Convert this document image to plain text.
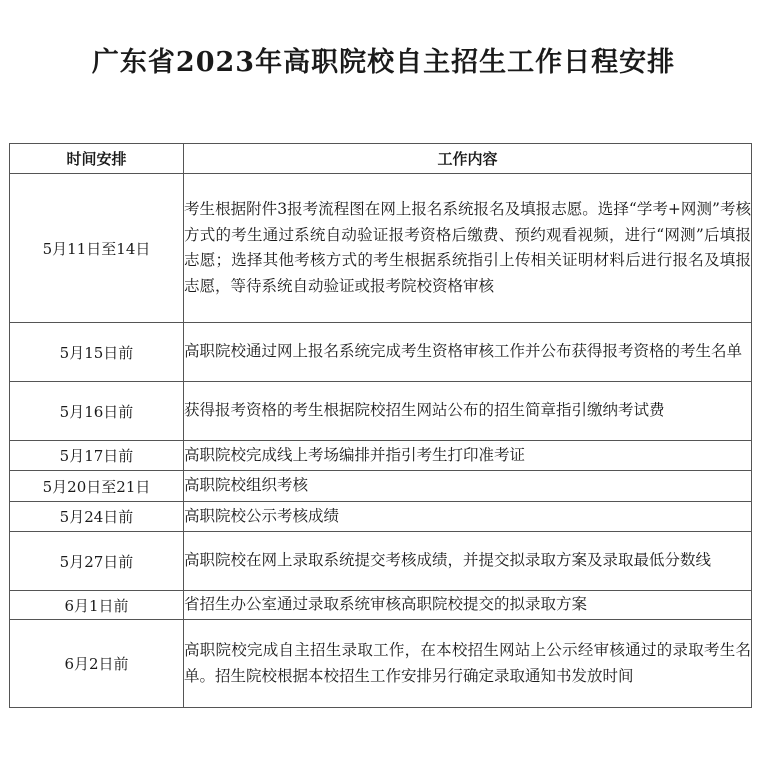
广东省2023年高职院校自主招生工作日程安排
时间安排	工作内容
5月11日至14日	考生根据附件3报考流程图在网上报名系统报名及填报志愿。选择“学考+网测”考核方式的考生通过系统自动验证报考资格后缴费、预约观看视频，进行“网测”后填报志愿；选择其他考核方式的考生根据系统指引上传相关证明材料后进行报名及填报志愿，等待系统自动验证或报考院校资格审核
5月15日前	高职院校通过网上报名系统完成考生资格审核工作并公布获得报考资格的考生名单
5月16日前	获得报考资格的考生根据院校招生网站公布的招生简章指引缴纳考试费
5月17日前	高职院校完成线上考场编排并指引考生打印准考证
5月20日至21日	高职院校组织考核
5月24日前	高职院校公示考核成绩
5月27日前	高职院校在网上录取系统提交考核成绩，并提交拟录取方案及录取最低分数线
6月1日前	省招生办公室通过录取系统审核高职院校提交的拟录取方案
6月2日前	高职院校完成自主招生录取工作，在本校招生网站上公示经审核通过的录取考生名单。招生院校根据本校招生工作安排另行确定录取通知书发放时间
